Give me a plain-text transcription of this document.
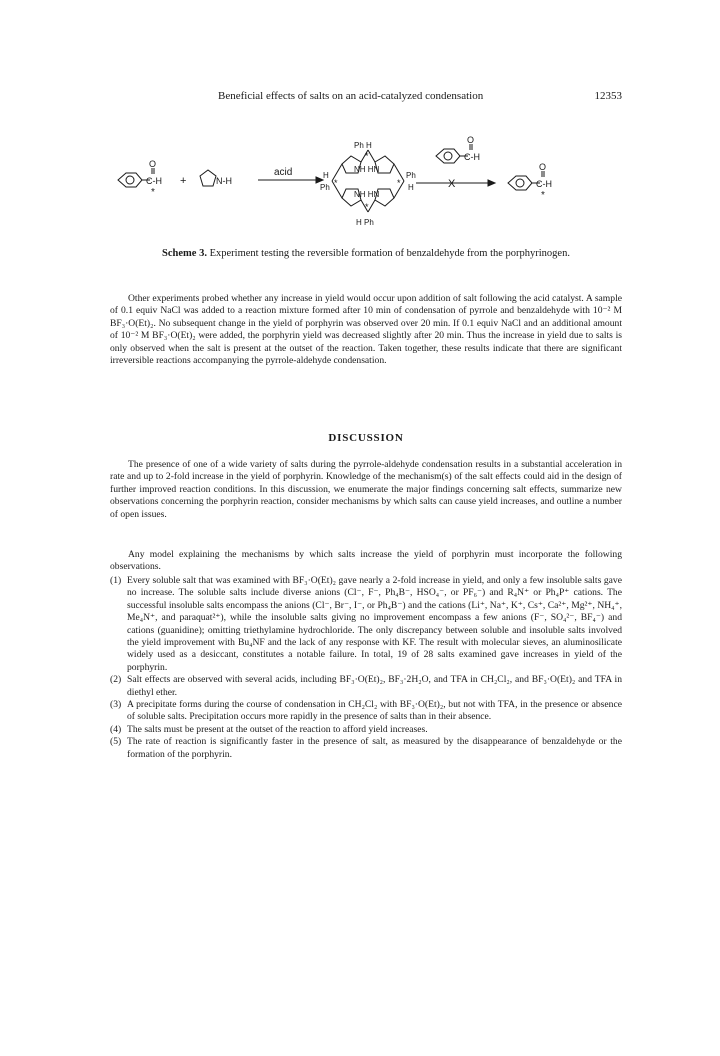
Beneficial effects of salts on an acid-catalyzed condensation	12353
O
C-H
*
+	N-H
acid
Ph H
*
NH HN
H
Ph *
Ph
H
*
NH HN
*
H Ph
O
C-H
X
O
C-H
*
Scheme 3. Experiment testing the reversible formation of benzaldehyde from the porphyrinogen.

Other experiments probed whether any increase in yield would occur upon addition of salt following the acid catalyst. A sample of 0.1 equiv NaCl was added to a reaction mixture formed after 10 min of condensation of pyrrole and benzaldehyde with 10⁻² M BF₃·O(Et)₂. No subsequent change in the yield of porphyrin was observed over 20 min. If 0.1 equiv NaCl and an additional amount of 10⁻² M BF₃·O(Et)₂ were added, the porphyrin yield was decreased slightly after 20 min. Thus the increase in yield due to salts is only observed when the salt is present at the outset of the reaction. Taken together, these results indicate that there are significant irreversible reactions accompanying the pyrrole-aldehyde condensation.

DISCUSSION

The presence of one of a wide variety of salts during the pyrrole-aldehyde condensation results in a substantial acceleration in rate and up to 2-fold increase in the yield of porphyrin. Knowledge of the mechanism(s) of the salt effects could aid in the design of further improved reaction conditions. In this discussion, we enumerate the major findings concerning salt effects, summarize new observations concerning the porphyrin reaction, consider mechanisms by which salts can cause yield increases, and outline a number of open issues.

Any model explaining the mechanisms by which salts increase the yield of porphyrin must incorporate the following observations.

(1) Every soluble salt that was examined with BF₃·O(Et)₂ gave nearly a 2-fold increase in yield, and only a few insoluble salts gave no increase. The soluble salts include diverse anions (Cl⁻, F⁻, Ph₄B⁻, HSO₄⁻, or PF₆⁻) and R₄N⁺ or Ph₄P⁺ cations. The successful insoluble salts encompass the anions (Cl⁻, Br⁻, I⁻, or Ph₄B⁻) and the cations (Li⁺, Na⁺, K⁺, Cs⁺, Ca²⁺, Mg²⁺, NH₄⁺, Me₄N⁺, and paraquat²⁺), while the insoluble salts giving no improvement encompass a few anions (F⁻, SO₄²⁻, BF₄⁻) and cations (guanidine); omitting triethylamine hydrochloride. The only discrepancy between soluble and insoluble salts involved the yield improvement with Bu₄NF and the lack of any response with KF. The result with molecular sieves, an aluminosilicate widely used as a desiccant, constitutes a notable failure. In total, 19 of 28 salts examined gave increases in yield of the porphyrin.
(2) Salt effects are observed with several acids, including BF₃·O(Et)₂, BF₃·2H₂O, and TFA in CH₂Cl₂, and BF₃·O(Et)₂ and TFA in diethyl ether.
(3) A precipitate forms during the course of condensation in CH₂Cl₂ with BF₃·O(Et)₂, but not with TFA, in the presence or absence of soluble salts. Precipitation occurs more rapidly in the presence of salts than in their absence.
(4) The salts must be present at the outset of the reaction to afford yield increases.
(5) The rate of reaction is significantly faster in the presence of salt, as measured by the disappearance of benzaldehyde or the formation of the porphyrin.
